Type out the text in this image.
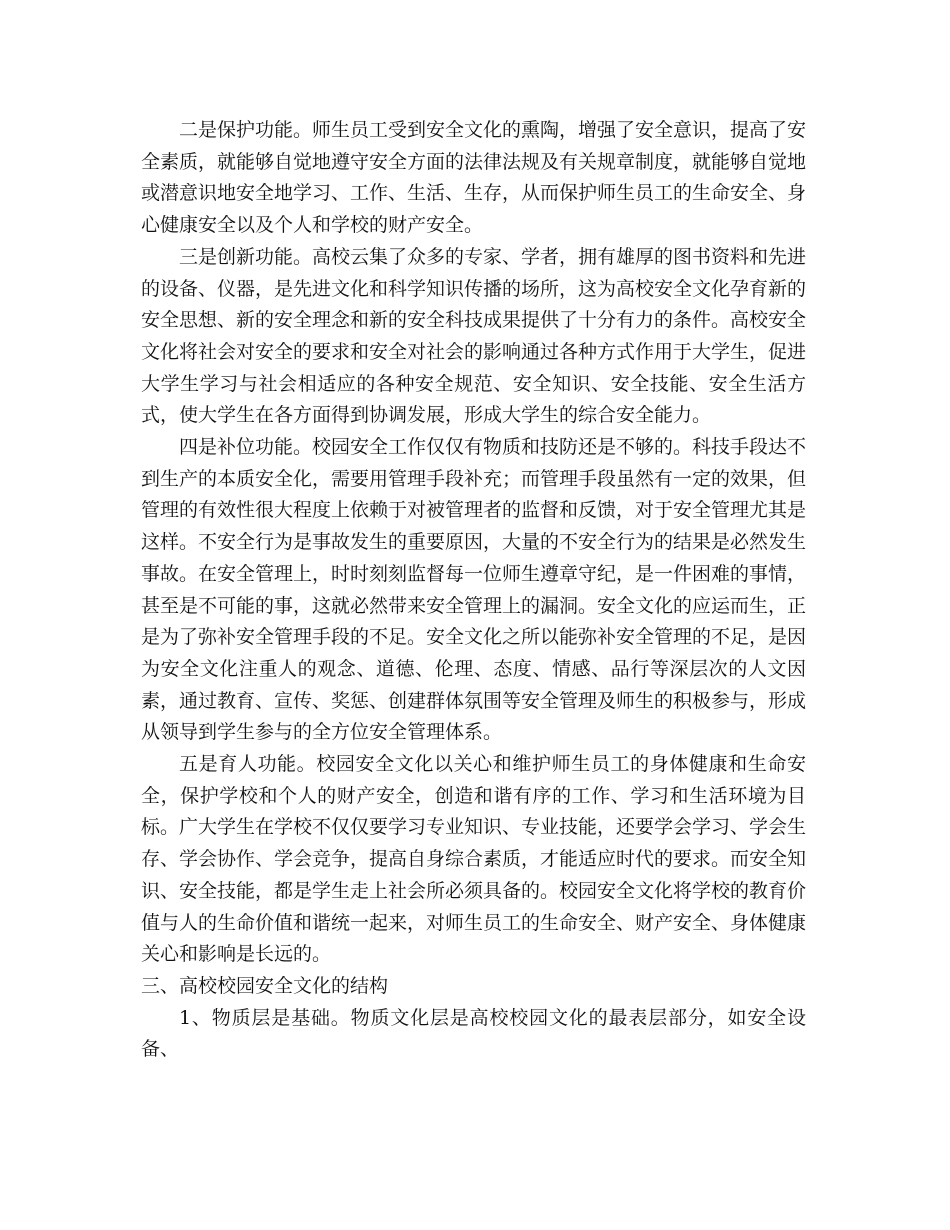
二是保护功能。师生员工受到安全文化的熏陶，增强了安全意识，提高了安全素质，就能够自觉地遵守安全方面的法律法规及有关规章制度，就能够自觉地或潜意识地安全地学习、工作、生活、生存，从而保护师生员工的生命安全、身心健康安全以及个人和学校的财产安全。

三是创新功能。高校云集了众多的专家、学者，拥有雄厚的图书资料和先进的设备、仪器，是先进文化和科学知识传播的场所，这为高校安全文化孕育新的安全思想、新的安全理念和新的安全科技成果提供了十分有力的条件。高校安全文化将社会对安全的要求和安全对社会的影响通过各种方式作用于大学生，促进大学生学习与社会相适应的各种安全规范、安全知识、安全技能、安全生活方式，使大学生在各方面得到协调发展，形成大学生的综合安全能力。

四是补位功能。校园安全工作仅仅有物质和技防还是不够的。科技手段达不到生产的本质安全化，需要用管理手段补充；而管理手段虽然有一定的效果，但管理的有效性很大程度上依赖于对被管理者的监督和反馈，对于安全管理尤其是这样。不安全行为是事故发生的重要原因，大量的不安全行为的结果是必然发生事故。在安全管理上，时时刻刻监督每一位师生遵章守纪，是一件困难的事情，甚至是不可能的事，这就必然带来安全管理上的漏洞。安全文化的应运而生，正是为了弥补安全管理手段的不足。安全文化之所以能弥补安全管理的不足，是因为安全文化注重人的观念、道德、伦理、态度、情感、品行等深层次的人文因素，通过教育、宣传、奖惩、创建群体氛围等安全管理及师生的积极参与，形成从领导到学生参与的全方位安全管理体系。

五是育人功能。校园安全文化以关心和维护师生员工的身体健康和生命安全，保护学校和个人的财产安全，创造和谐有序的工作、学习和生活环境为目标。广大学生在学校不仅仅要学习专业知识、专业技能，还要学会学习、学会生存、学会协作、学会竞争，提高自身综合素质，才能适应时代的要求。而安全知识、安全技能，都是学生走上社会所必须具备的。校园安全文化将学校的教育价值与人的生命价值和谐统一起来，对师生员工的生命安全、财产安全、身体健康关心和影响是长远的。

三、高校校园安全文化的结构

1、物质层是基础。物质文化层是高校校园文化的最表层部分，如安全设备、
